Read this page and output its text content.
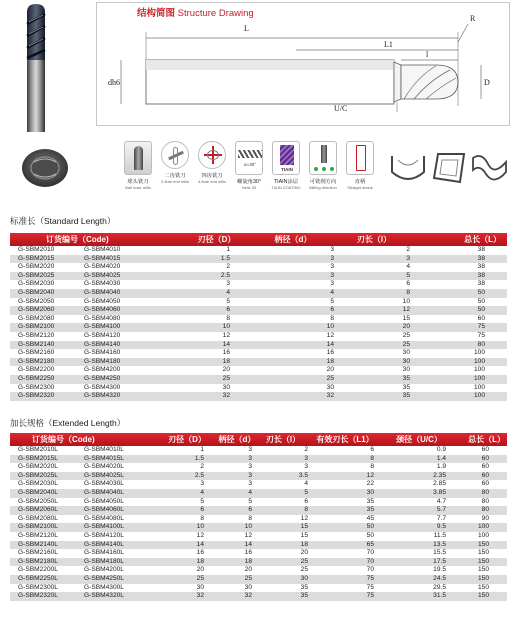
结构简图 Structure Drawing
L
L1
l
R
D
dh6
U/C
球头铣刀
Ball nose mills
二齿铣刀
2-flute end mills
四齿铣刀
4-flute end mills
α=30°
螺旋角30°
Helix 30
TIAIN
TIAIN涂层
TIAIN COATING
可铣削方向
Milling direction
直柄
Straight shank
标准长（Standard Length）
订货编号（Code)	刃径（D）	柄径（d）	刃长（l）	总长（L）
G-SBM2010	G-SBM4010	1	3	2	38
G-SBM2015	G-SBM4015	1.5	3	3	38
G-SBM2020	G-SBM4020	2	3	4	38
G-SBM2025	G-SBM4025	2.5	3	5	38
G-SBM2030	G-SBM4030	3	3	6	38
G-SBM2040	G-SBM4040	4	4	8	50
G-SBM2050	G-SBM4050	5	5	10	50
G-SBM2060	G-SBM4060	6	6	12	50
G-SBM2080	G-SBM4080	8	8	15	60
G-SBM2100	G-SBM4100	10	10	20	75
G-SBM2120	G-SBM4120	12	12	25	75
G-SBM2140	G-SBM4140	14	14	25	80
G-SBM2160	G-SBM4160	16	16	30	100
G-SBM2180	G-SBM4180	18	18	30	100
G-SBM2200	G-SBM4200	20	20	30	100
G-SBM2250	G-SBM4250	25	25	35	100
G-SBM2300	G-SBM4300	30	30	35	100
G-SBM2320	G-SBM4320	32	32	35	100
加长规格（Extended Length）
订货编号（Code)	刃径（D）	柄径（d）	刃长（l）	有效刃长（L1）	颈径（U/C）	总长（L）
G-SBM2010L	G-SBM4010L	1	3	2	6	0.9	60
G-SBM2015L	G-SBM4015L	1.5	3	3	8	1.4	60
G-SBM2020L	G-SBM4020L	2	3	3	8	1.9	60
G-SBM2025L	G-SBM4025L	2.5	3	3.5	12	2.35	60
G-SBM2030L	G-SBM4030L	3	3	4	22	2.85	60
G-SBM2040L	G-SBM4040L	4	4	5	30	3.85	80
G-SBM2050L	G-SBM4050L	5	5	6	35	4.7	80
G-SBM2060L	G-SBM4060L	6	6	8	35	5.7	80
G-SBM2080L	G-SBM4080L	8	8	12	45	7.7	90
G-SBM2100L	G-SBM4100L	10	10	15	50	9.5	100
G-SBM2120L	G-SBM4120L	12	12	15	50	11.5	100
G-SBM2140L	G-SBM4140L	14	14	18	65	13.5	150
G-SBM2160L	G-SBM4160L	16	16	20	70	15.5	150
G-SBM2180L	G-SBM4180L	18	18	25	70	17.5	150
G-SBM2200L	G-SBM4200L	20	20	25	70	19.5	150
G-SBM2250L	G-SBM4250L	25	25	30	75	24.5	150
G-SBM2300L	G-SBM4300L	30	30	35	75	29.5	150
G-SBM2320L	G-SBM4320L	32	32	35	75	31.5	150
